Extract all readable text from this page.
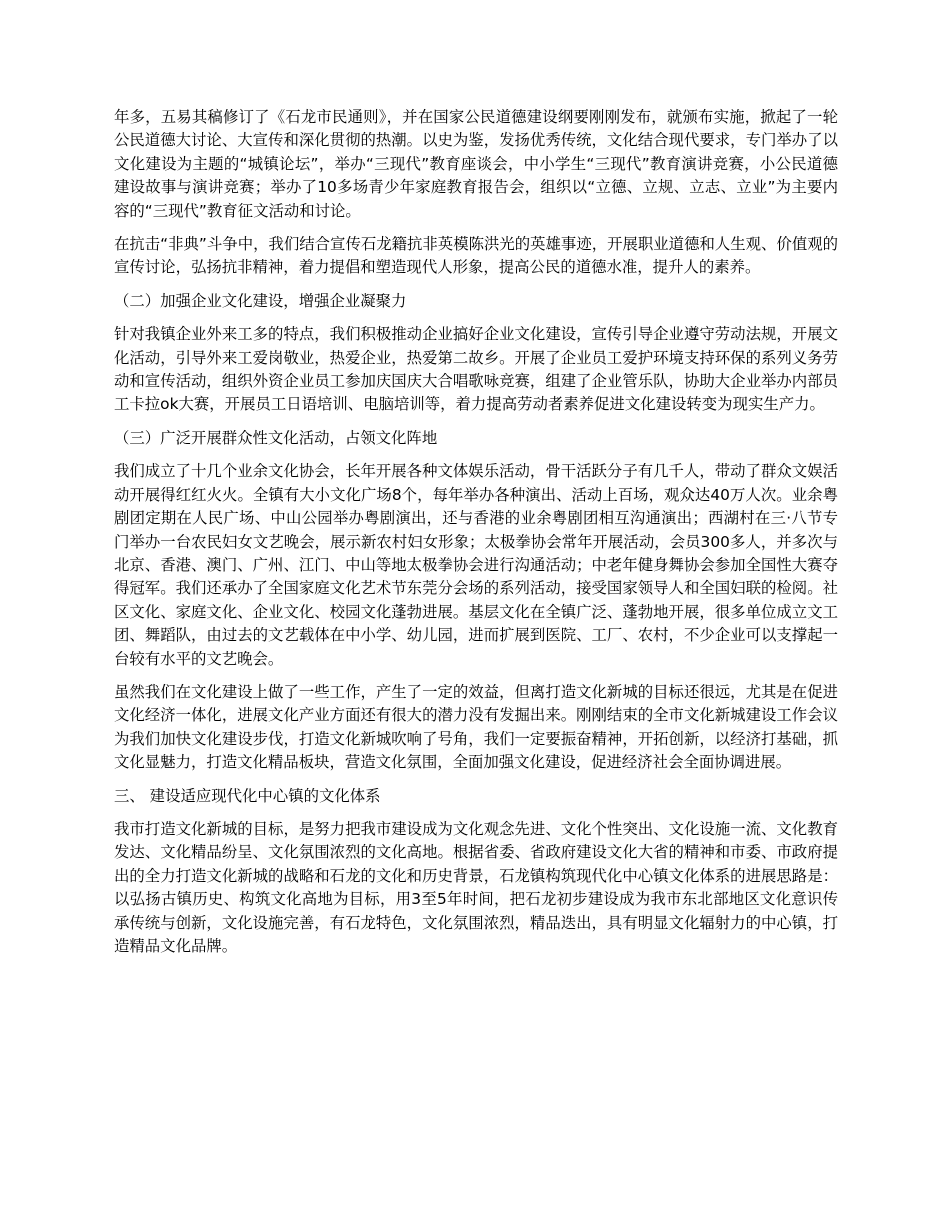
年多，五易其稿修订了《石龙市民通则》，并在国家公民道德建设纲要刚刚发布，就颁布实施，掀起了一轮公民道德大讨论、大宣传和深化贯彻的热潮。以史为鉴，发扬优秀传统，文化结合现代要求，专门举办了以文化建设为主题的“城镇论坛”，举办“三现代”教育座谈会，中小学生“三现代”教育演讲竞赛，小公民道德建设故事与演讲竞赛；举办了10多场青少年家庭教育报告会，组织以“立德、立规、立志、立业”为主要内容的“三现代”教育征文活动和讨论。

在抗击“非典”斗争中，我们结合宣传石龙籍抗非英模陈洪光的英雄事迹，开展职业道德和人生观、价值观的宣传讨论，弘扬抗非精神，着力提倡和塑造现代人形象，提高公民的道德水准，提升人的素养。

（二）加强企业文化建设，增强企业凝聚力

针对我镇企业外来工多的特点，我们积极推动企业搞好企业文化建设，宣传引导企业遵守劳动法规，开展文化活动，引导外来工爱岗敬业，热爱企业，热爱第二故乡。开展了企业员工爱护环境支持环保的系列义务劳动和宣传活动，组织外资企业员工参加庆国庆大合唱歌咏竞赛，组建了企业管乐队，协助大企业举办内部员工卡拉ok大赛，开展员工日语培训、电脑培训等，着力提高劳动者素养促进文化建设转变为现实生产力。

（三）广泛开展群众性文化活动，占领文化阵地

我们成立了十几个业余文化协会，长年开展各种文体娱乐活动，骨干活跃分子有几千人，带动了群众文娱活动开展得红红火火。全镇有大小文化广场8个，每年举办各种演出、活动上百场，观众达40万人次。业余粤剧团定期在人民广场、中山公园举办粤剧演出，还与香港的业余粤剧团相互沟通演出；西湖村在三·八节专门举办一台农民妇女文艺晚会，展示新农村妇女形象；太极拳协会常年开展活动，会员300多人，并多次与北京、香港、澳门、广州、江门、中山等地太极拳协会进行沟通活动；中老年健身舞协会参加全国性大赛夺得冠军。我们还承办了全国家庭文化艺术节东莞分会场的系列活动，接受国家领导人和全国妇联的检阅。社区文化、家庭文化、企业文化、校园文化蓬勃进展。基层文化在全镇广泛、蓬勃地开展，很多单位成立文工团、舞蹈队，由过去的文艺载体在中小学、幼儿园，进而扩展到医院、工厂、农村，不少企业可以支撑起一台较有水平的文艺晚会。

虽然我们在文化建设上做了一些工作，产生了一定的效益，但离打造文化新城的目标还很远，尤其是在促进文化经济一体化，进展文化产业方面还有很大的潜力没有发掘出来。刚刚结束的全市文化新城建设工作会议为我们加快文化建设步伐，打造文化新城吹响了号角，我们一定要振奋精神，开拓创新，以经济打基础，抓文化显魅力，打造文化精品板块，营造文化氛围，全面加强文化建设，促进经济社会全面协调进展。

三、 建设适应现代化中心镇的文化体系

我市打造文化新城的目标，是努力把我市建设成为文化观念先进、文化个性突出、文化设施一流、文化教育发达、文化精品纷呈、文化氛围浓烈的文化高地。根据省委、省政府建设文化大省的精神和市委、市政府提出的全力打造文化新城的战略和石龙的文化和历史背景，石龙镇构筑现代化中心镇文化体系的进展思路是：以弘扬古镇历史、构筑文化高地为目标，用3至5年时间，把石龙初步建设成为我市东北部地区文化意识传承传统与创新，文化设施完善，有石龙特色，文化氛围浓烈，精品迭出，具有明显文化辐射力的中心镇，打造精品文化品牌。
